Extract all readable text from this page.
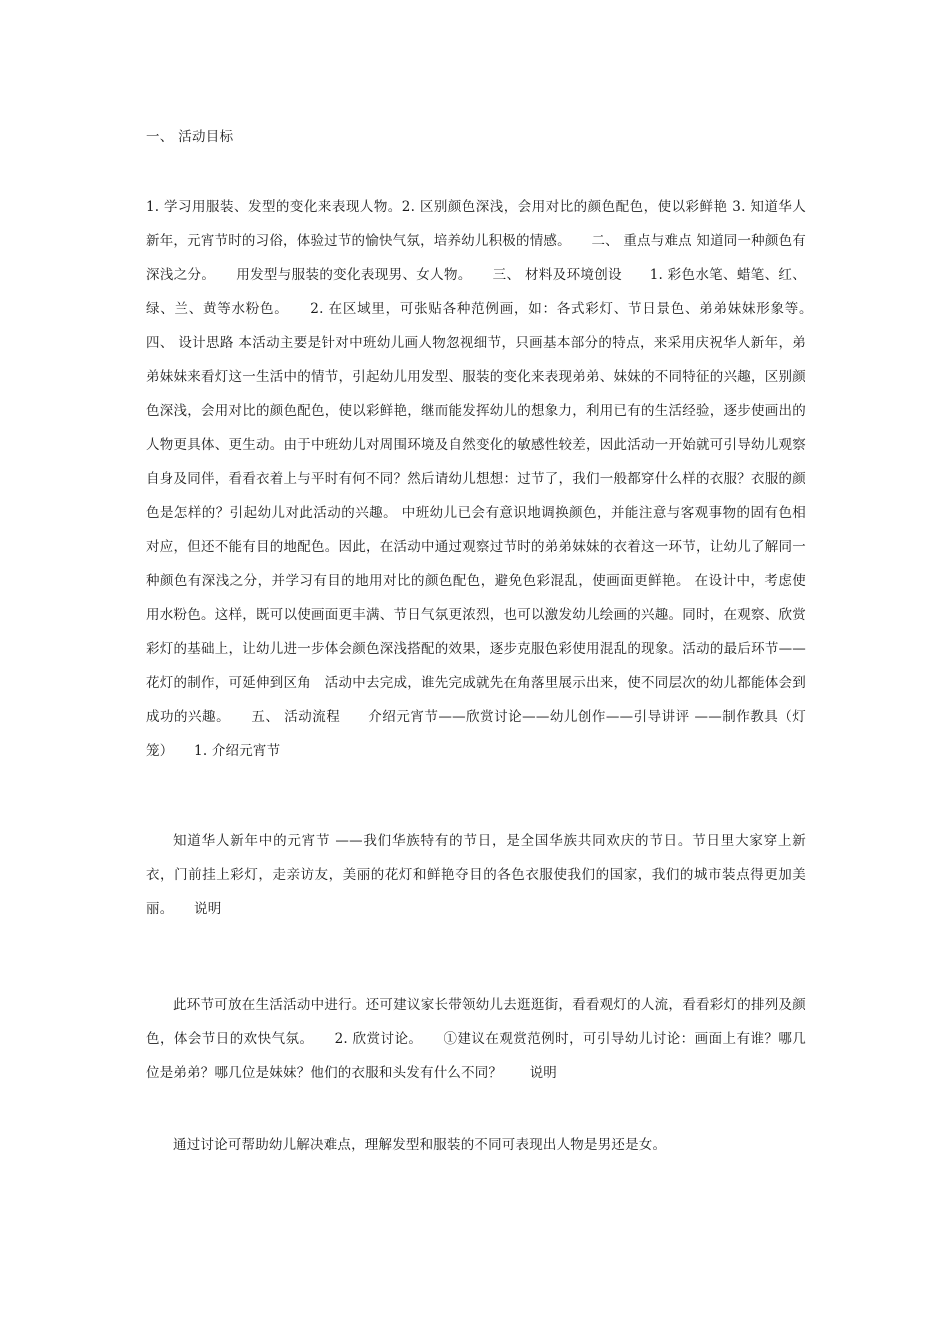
一、 活动目标

1. 学习用服装、发型的变化来表现人物。2. 区别颜色深浅，会用对比的颜色配色，使以彩鲜艳 3. 知道华人新年，元宵节时的习俗，体验过节的愉快气氛，培养幼儿积极的情感。　　二、 重点与难点 知道同一种颜色有深浅之分。　　用发型与服装的变化表现男、女人物。　　三、 材料及环境创设　　1. 彩色水笔、蜡笔、红、绿、兰、黄等水粉色。　　2. 在区域里，可张贴各种范例画，如：各式彩灯、节日景色、弟弟妹妹形象等。　　四、 设计思路 本活动主要是针对中班幼儿画人物忽视细节，只画基本部分的特点，来采用庆祝华人新年，弟弟妹妹来看灯这一生活中的情节，引起幼儿用发型、服装的变化来表现弟弟、妹妹的不同特征的兴趣，区别颜色深浅，会用对比的颜色配色，使以彩鲜艳，继而能发挥幼儿的想象力，利用已有的生活经验，逐步使画出的人物更具体、更生动。由于中班幼儿对周围环境及自然变化的敏感性较差，因此活动一开始就可引导幼儿观察自身及同伴，看看衣着上与平时有何不同？然后请幼儿想想：过节了，我们一般都穿什么样的衣服？衣服的颜色是怎样的？引起幼儿对此活动的兴趣。 中班幼儿已会有意识地调换颜色，并能注意与客观事物的固有色相对应，但还不能有目的地配色。因此，在活动中通过观察过节时的弟弟妹妹的衣着这一环节，让幼儿了解同一种颜色有深浅之分，并学习有目的地用对比的颜色配色，避免色彩混乱，使画面更鲜艳。 在设计中，考虑使用水粉色。这样，既可以使画面更丰满、节日气氛更浓烈，也可以激发幼儿绘画的兴趣。同时，在观察、欣赏彩灯的基础上，让幼儿进一步体会颜色深浅搭配的效果，逐步克服色彩使用混乱的现象。活动的最后环节——花灯的制作，可延伸到区角　活动中去完成，谁先完成就先在角落里展示出来，使不同层次的幼儿都能体会到成功的兴趣。　　五、 活动流程　　介绍元宵节——欣赏讨论——幼儿创作——引导讲评 ——制作教具（灯笼）　　1. 介绍元宵节

知道华人新年中的元宵节 ——我们华族特有的节日，是全国华族共同欢庆的节日。节日里大家穿上新衣，门前挂上彩灯，走亲访友，美丽的花灯和鲜艳夺目的各色衣服使我们的国家，我们的城市装点得更加美丽。　　说明

此环节可放在生活活动中进行。还可建议家长带领幼儿去逛逛街，看看观灯的人流，看看彩灯的排列及颜色，体会节日的欢快气氛。　　2. 欣赏讨论。　　①建议在观赏范例时，可引导幼儿讨论：画面上有谁？哪几位是弟弟？哪几位是妹妹？他们的衣服和头发有什么不同？　　说明

通过讨论可帮助幼儿解决难点，理解发型和服装的不同可表现出人物是男还是女。
